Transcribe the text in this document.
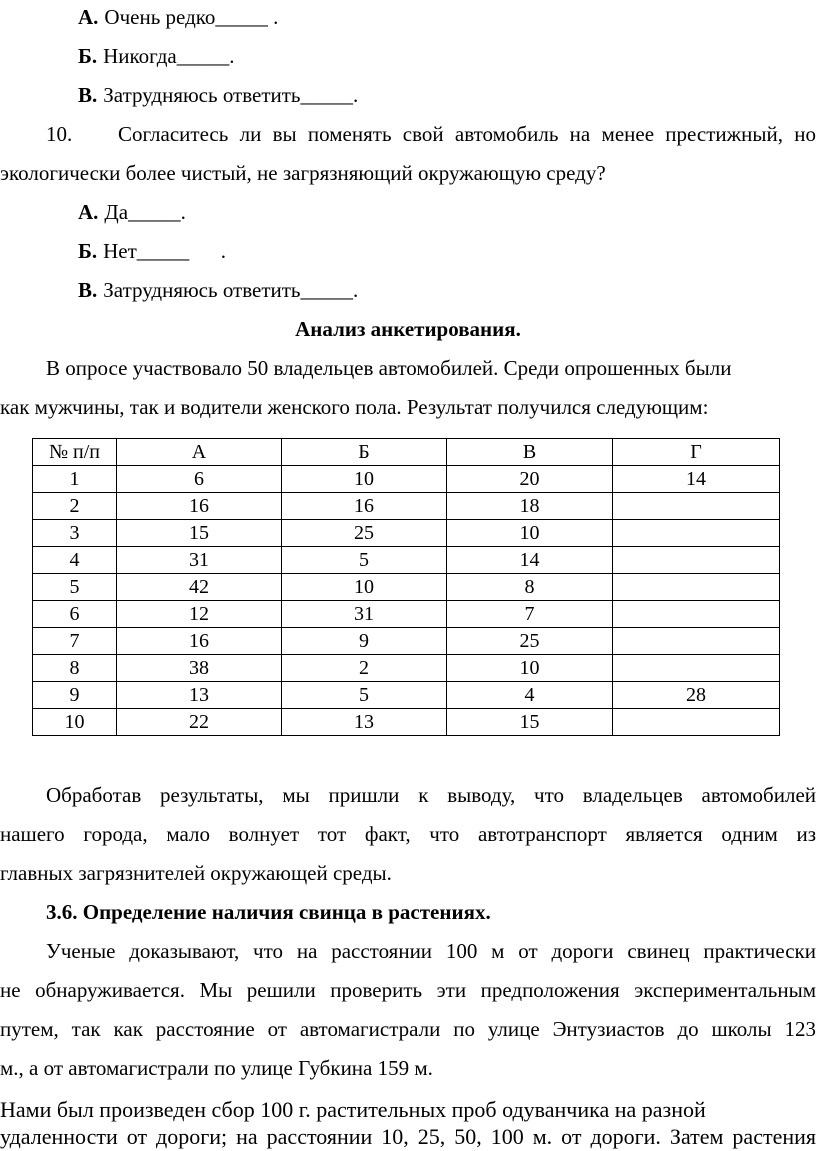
А. Очень редко_____ .
Б. Никогда_____.
В. Затрудняюсь ответить_____.
10. Согласитесь ли вы поменять свой автомобиль на менее престижный, но
экологически более чистый, не загрязняющий окружающую среду?
А. Да_____.
Б. Нет_____      .
В. Затрудняюсь ответить_____.
Анализ анкетирования.
В опросе участвовало 50 владельцев автомобилей. Среди опрошенных были
как мужчины, так и водители женского пола. Результат получился следующим:
№ п/п	А	Б	В	Г
1	6	10	20	14
2	16	16	18	
3	15	25	10	
4	31	5	14	
5	42	10	8	
6	12	31	7	
7	16	9	25	
8	38	2	10	
9	13	5	4	28
10	22	13	15	
Обработав результаты, мы пришли к выводу, что владельцев автомобилей
нашего города, мало волнует тот факт, что автотранспорт является одним из
главных загрязнителей окружающей среды.
3.6. Определение наличия свинца в растениях.
Ученые доказывают, что на расстоянии 100 м от дороги свинец практически
не обнаруживается. Мы решили проверить эти предположения экспериментальным
путем, так как расстояние от автомагистрали по улице Энтузиастов до школы 123
м., а от автомагистрали по улице Губкина 159 м.
Нами был произведен сбор 100 г. растительных проб одуванчика на разной
удаленности от дороги; на расстоянии 10, 25, 50, 100 м. от дороги. Затем растения
